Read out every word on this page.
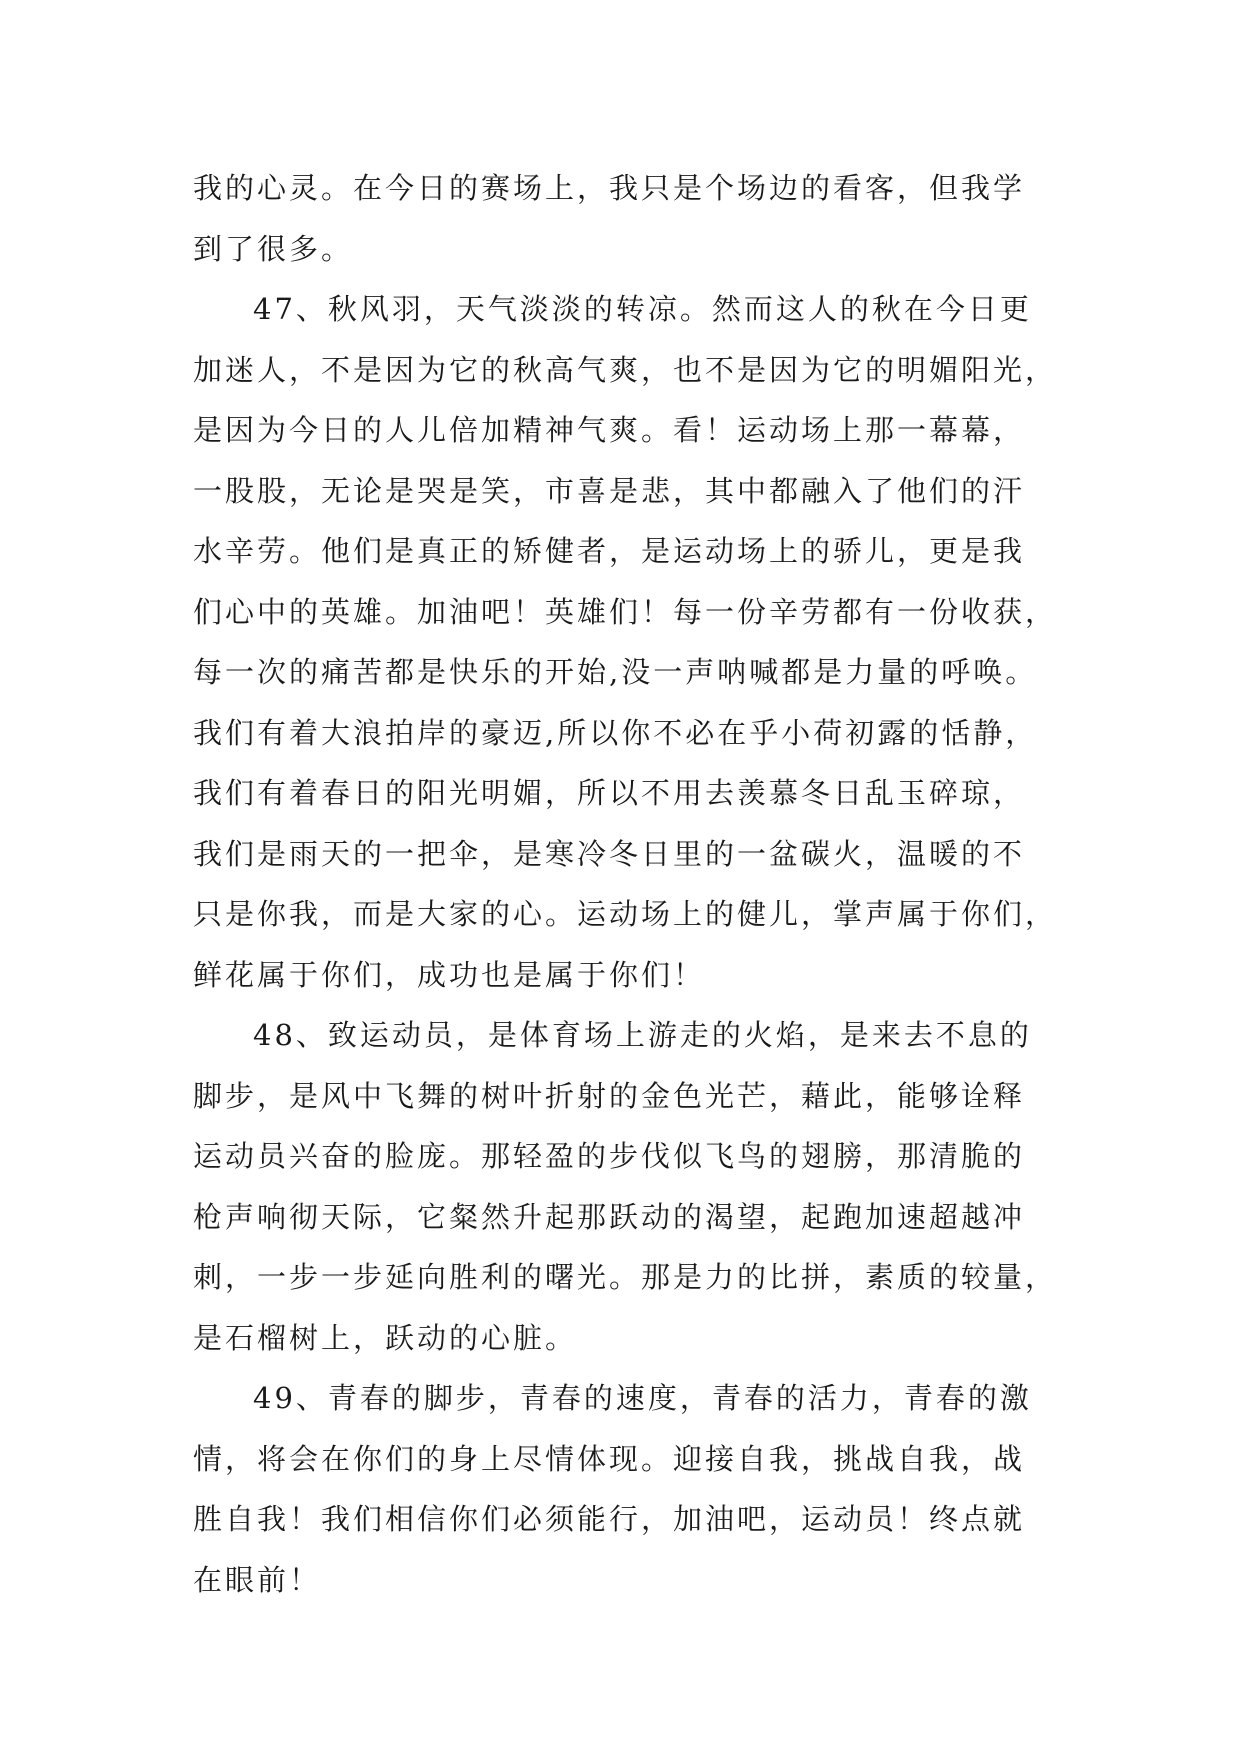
我的心灵。在今日的赛场上，我只是个场边的看客，但我学
到了很多。
47、秋风羽，天气淡淡的转凉。然而这人的秋在今日更
加迷人，不是因为它的秋高气爽，也不是因为它的明媚阳光，
是因为今日的人儿倍加精神气爽。看！运动场上那一幕幕，
一股股，无论是哭是笑，市喜是悲，其中都融入了他们的汗
水辛劳。他们是真正的矫健者，是运动场上的骄儿，更是我
们心中的英雄。加油吧！英雄们！每一份辛劳都有一份收获，
每一次的痛苦都是快乐的开始,没一声呐喊都是力量的呼唤。
我们有着大浪拍岸的豪迈,所以你不必在乎小荷初露的恬静，
我们有着春日的阳光明媚，所以不用去羡慕冬日乱玉碎琼，
我们是雨天的一把伞，是寒冷冬日里的一盆碳火，温暖的不
只是你我，而是大家的心。运动场上的健儿，掌声属于你们，
鲜花属于你们，成功也是属于你们！
48、致运动员，是体育场上游走的火焰，是来去不息的
脚步，是风中飞舞的树叶折射的金色光芒，藉此，能够诠释
运动员兴奋的脸庞。那轻盈的步伐似飞鸟的翅膀，那清脆的
枪声响彻天际，它粲然升起那跃动的渴望，起跑加速超越冲
刺，一步一步延向胜利的曙光。那是力的比拼，素质的较量，
是石榴树上，跃动的心脏。
49、青春的脚步，青春的速度，青春的活力，青春的激
情，将会在你们的身上尽情体现。迎接自我，挑战自我，战
胜自我！我们相信你们必须能行，加油吧，运动员！终点就
在眼前！
